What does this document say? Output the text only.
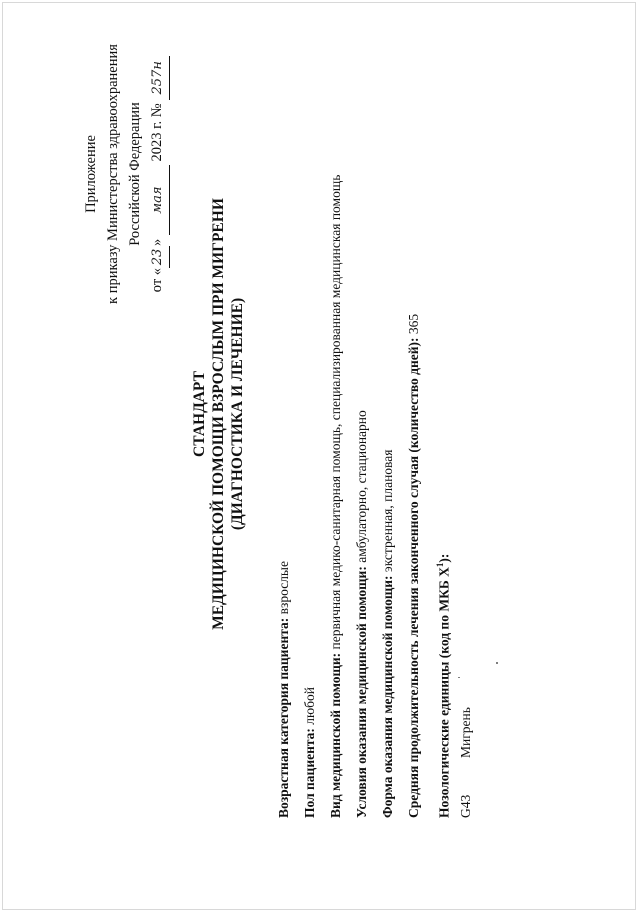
Приложение к приказу Министерства здравоохранения Российской Федерации
от «23» мая 2023 г. № 257н
СТАНДАРТ МЕДИЦИНСКОЙ ПОМОЩИ ВЗРОСЛЫМ ПРИ МИГРЕНИ (ДИАГНОСТИКА И ЛЕЧЕНИЕ)
Возрастная категория пациента: взрослые
Пол пациента: любой Вид медицинской помощи: первичная медико-санитарная помощь, специализированная медицинская помощь
Условия оказания медицинской помощи: амбулаторно, стационарно
Форма оказания медицинской помощи: экстренная, плановая Средняя продолжительность лечения законченного случая (количество дней): 365
Нозологические единицы (код по МКБ $Х^1$):
G43
Мигрень
